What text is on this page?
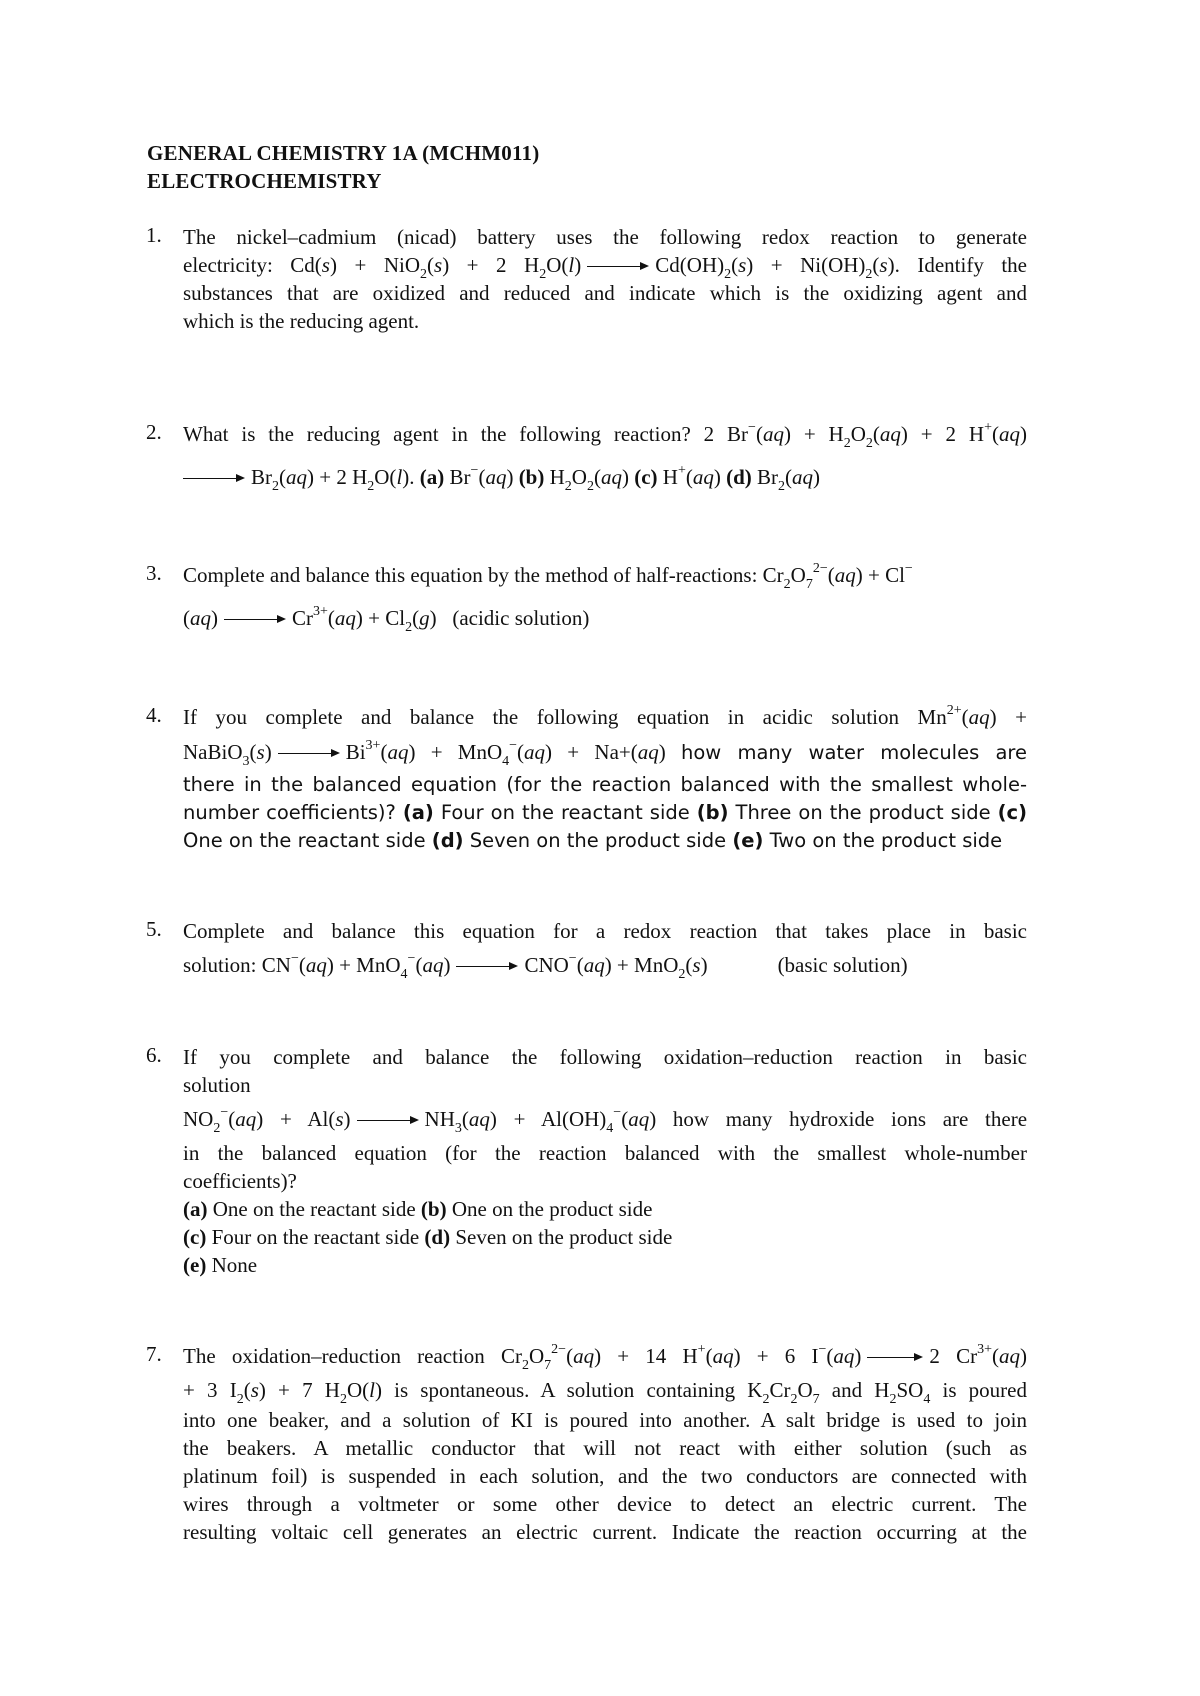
GENERAL CHEMISTRY 1A (MCHM011)
ELECTROCHEMISTRY
1. The nickel–cadmium (nicad) battery uses the following redox reaction to generate
electricity: Cd(s) + NiO$_2$(s) + 2 $H_2O(l)$	$Cd(OH)_2(s) + Ni(OH)_2(s)$. Identify the
substances that are oxidized and reduced and indicate which is the oxidizing agent and
which is the reducing agent.
2. What is the reducing agent in the following reaction? 2 $Br^-(aq) + H_2O_2(aq) + 2$ H+(aq)
$Br_2(aq) + 2$ $H_2O(l)$. (a) Br−(aq) (b) $H_2O_2(aq)$ (c) H+(aq) (d) $Br_2(aq)$
3. Complete and balance this equation by the method of half-reactions: $Cr_2O_7^{2-}(aq) + Cl^-$
(aq)	$Cr^{3+}(aq) + Cl_2(g)$   (acidic solution)
4. If you complete and balance the following equation in acidic solution $Mn^{2+}(aq)$ +
NaBiO$_3$(s)	$Bi^{3+}(aq) + MnO_4^-(aq) + Na+(aq)$ how many water molecules are
there in the balanced equation (for the reaction balanced with the smallest whole-
number coefficients)? (a) Four on the reactant side (b) Three on the product side (c)
One on the reactant side (d) Seven on the product side (e) Two on the product side
5. Complete and balance this equation for a redox reaction that takes place in basic
solution: CN−(aq) + MnO$_4$−(aq)	CNO−(aq) + MnO$_2$(s)	(basic solution)
6. If you complete and balance the following oxidation–reduction reaction in basic
solution
$NO_2^-(aq) + Al(s)$	$NH_3(aq) + Al(OH)_4^-(aq)$ how many hydroxide ions are there
in the balanced equation (for the reaction balanced with the smallest whole-number
coefficients)?
(a) One on the reactant side (b) One on the product side
(c) Four on the reactant side (d) Seven on the product side
(e) None
7. The oxidation–reduction reaction $Cr_2O_7^{2-}(aq) + 14$ H+(aq) + 6 I−(aq)	2 $Cr^{3+}(aq)$
+ 3 $I_2(s) + 7$ $H_2O(l)$ is spontaneous. A solution containing $K_2Cr_2O_7$ and $H_2SO_4$ is poured
into one beaker, and a solution of KI is poured into another. A salt bridge is used to join
the beakers. A metallic conductor that will not react with either solution (such as
platinum foil) is suspended in each solution, and the two conductors are connected with
wires through a voltmeter or some other device to detect an electric current. The
resulting voltaic cell generates an electric current. Indicate the reaction occurring at the
